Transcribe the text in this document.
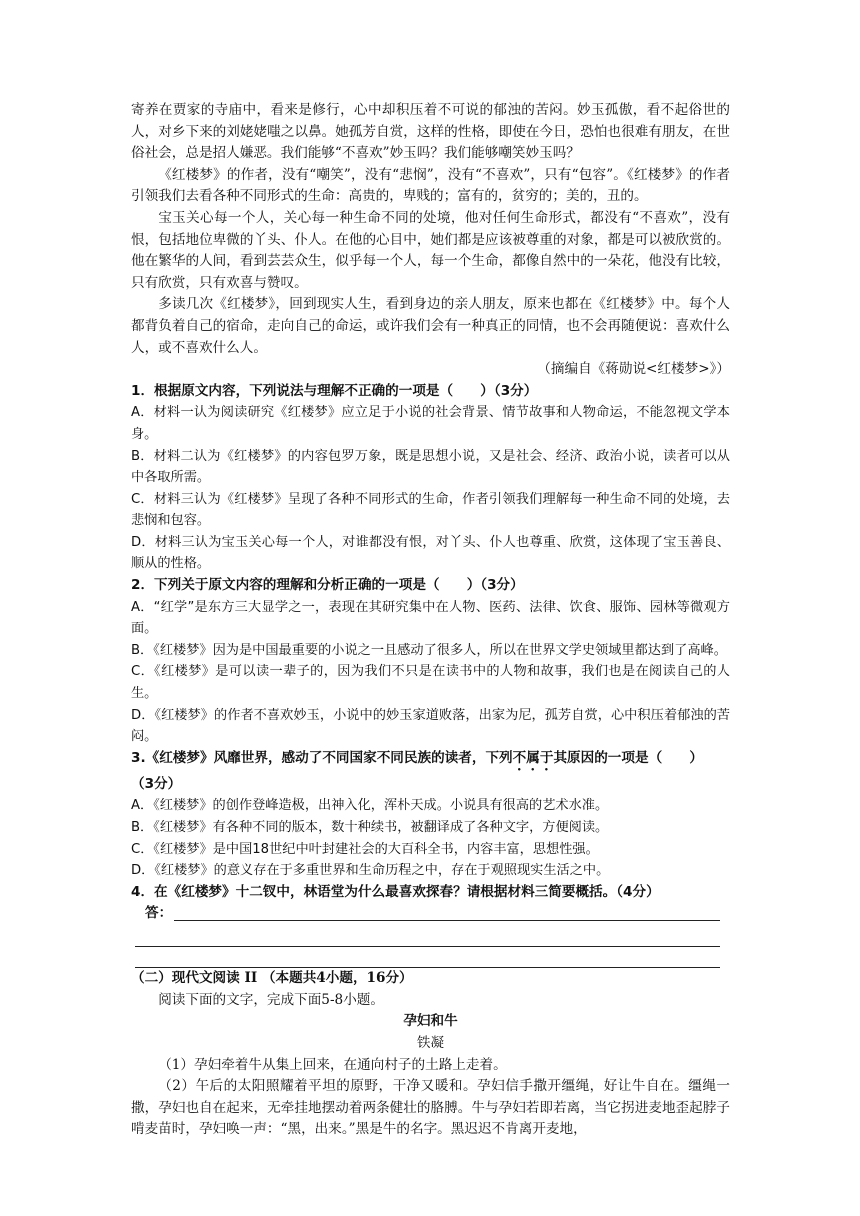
寄养在贾家的寺庙中，看来是修行，心中却积压着不可说的郁浊的苦闷。妙玉孤傲，看不起俗世的人，对乡下来的刘姥姥嗤之以鼻。她孤芳自赏，这样的性格，即使在今日，恐怕也很难有朋友，在世俗社会，总是招人嫌恶。我们能够“不喜欢”妙玉吗？我们能够嘲笑妙玉吗？

《红楼梦》的作者，没有“嘲笑”，没有“悲悯”，没有“不喜欢”，只有“包容”。《红楼梦》的作者引领我们去看各种不同形式的生命：高贵的，卑贱的；富有的，贫穷的；美的，丑的。

宝玉关心每一个人，关心每一种生命不同的处境，他对任何生命形式，都没有“不喜欢”，没有恨，包括地位卑微的丫头、仆人。在他的心目中，她们都是应该被尊重的对象，都是可以被欣赏的。他在繁华的人间，看到芸芸众生，似乎每一个人，每一个生命，都像自然中的一朵花，他没有比较，只有欣赏，只有欢喜与赞叹。

多读几次《红楼梦》，回到现实人生，看到身边的亲人朋友，原来也都在《红楼梦》中。每个人都背负着自己的宿命，走向自己的命运，或许我们会有一种真正的同情，也不会再随便说：喜欢什么人，或不喜欢什么人。

（摘编自《蒋勋说<红楼梦>》）

1．根据原文内容，下列说法与理解不正确的一项是（　　）（3分）

A．材料一认为阅读研究《红楼梦》应立足于小说的社会背景、情节故事和人物命运，不能忽视文学本身。

B．材料二认为《红楼梦》的内容包罗万象，既是思想小说，又是社会、经济、政治小说，读者可以从中各取所需。

C．材料三认为《红楼梦》呈现了各种不同形式的生命，作者引领我们理解每一种生命不同的处境，去悲悯和包容。

D．材料三认为宝玉关心每一个人，对谁都没有恨，对丫头、仆人也尊重、欣赏，这体现了宝玉善良、顺从的性格。

2．下列关于原文内容的理解和分析正确的一项是（　　）（3分）

A．“红学”是东方三大显学之一，表现在其研究集中在人物、医药、法律、饮食、服饰、园林等微观方面。

B．《红楼梦》因为是中国最重要的小说之一且感动了很多人，所以在世界文学史领域里都达到了高峰。

C．《红楼梦》是可以读一辈子的，因为我们不只是在读书中的人物和故事，我们也是在阅读自己的人生。

D．《红楼梦》的作者不喜欢妙玉，小说中的妙玉家道败落，出家为尼，孤芳自赏，心中积压着郁浊的苦闷。

3.《红楼梦》风靡世界，感动了不同国家不同民族的读者，下列不属于其原因的一项是（　　）

（3分）

A．《红楼梦》的创作登峰造极，出神入化，浑朴天成。小说具有很高的艺术水准。

B．《红楼梦》有各种不同的版本，数十种续书，被翻译成了各种文字，方便阅读。

C．《红楼梦》是中国18世纪中叶封建社会的大百科全书，内容丰富，思想性强。

D．《红楼梦》的意义存在于多重世界和生命历程之中，存在于观照现实生活之中。

4．在《红楼梦》十二钗中，林语堂为什么最喜欢探春？请根据材料三简要概括。（4分）

答：

（二）现代文阅读 II （本题共4小题，16分）

阅读下面的文字，完成下面5-8小题。

孕妇和牛

铁凝

（1）孕妇牵着牛从集上回来，在通向村子的土路上走着。

（2）午后的太阳照耀着平坦的原野，干净又暖和。孕妇信手撒开缰绳，好让牛自在。缰绳一撒，孕妇也自在起来，无牵挂地摆动着两条健壮的胳膊。牛与孕妇若即若离，当它拐进麦地歪起脖子啃麦苗时，孕妇唤一声：“黑，出来。”黑是牛的名字。黑迟迟不肯离开麦地，
